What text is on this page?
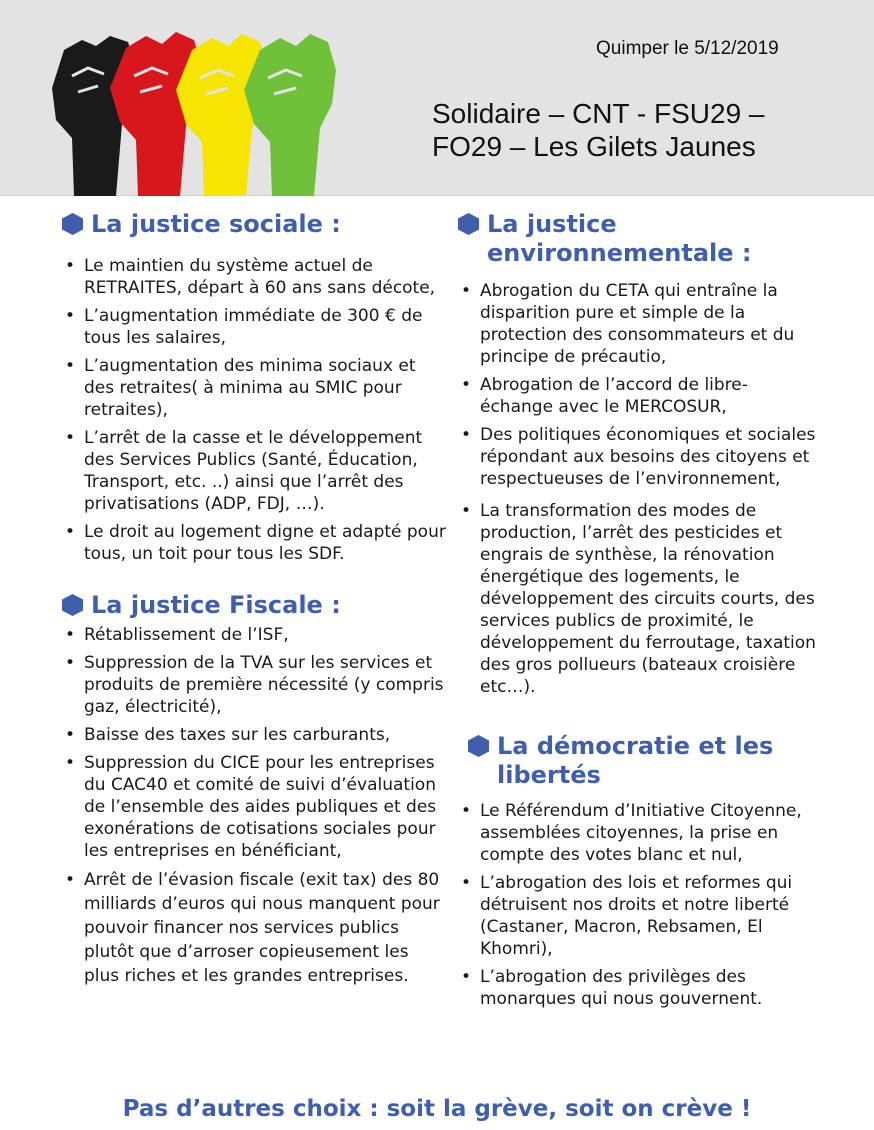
Quimper le 5/12/2019
Solidaire – CNT - FSU29 –
FO29 – Les Gilets Jaunes
La justice sociale :
• Le maintien du système actuel de RETRAITES, départ à 60 ans sans décote,
• L’augmentation immédiate de 300 € de tous les salaires,
• L’augmentation des minima sociaux et des retraites( à minima au SMIC pour retraites),
• L’arrêt de la casse et le développement des Services Publics (Santé, Éducation, Transport, etc. ..) ainsi que l’arrêt des privatisations (ADP, FDJ, …).
• Le droit au logement digne et adapté pour tous, un toit pour tous les SDF.
La justice Fiscale :
• Rétablissement de l’ISF,
• Suppression de la TVA sur les services et produits de première nécessité (y compris gaz, électricité),
• Baisse des taxes sur les carburants,
• Suppression du CICE pour les entreprises du CAC40 et comité de suivi d’évaluation de l’ensemble des aides publiques et des exonérations de cotisations sociales pour les entreprises en bénéficiant,
• Arrêt de l’évasion fiscale (exit tax) des 80 milliards d’euros qui nous manquent pour pouvoir financer nos services publics plutôt que d’arroser copieusement les plus riches et les grandes entreprises.
La justice
environnementale :
• Abrogation du CETA qui entraîne la disparition pure et simple de la protection des consommateurs et du principe de précautio,
• Abrogation de l’accord de libre-échange avec le MERCOSUR,
• Des politiques économiques et sociales répondant aux besoins des citoyens et respectueuses de l’environnement,
• La transformation des modes de production, l’arrêt des pesticides et engrais de synthèse, la rénovation énergétique des logements, le développement des circuits courts, des services publics de proximité, le développement du ferroutage, taxation des gros pollueurs (bateaux croisière etc…).
La démocratie et les
libertés
• Le Référendum d’Initiative Citoyenne, assemblées citoyennes, la prise en compte des votes blanc et nul,
• L’abrogation des lois et reformes qui détruisent nos droits et notre liberté (Castaner, Macron, Rebsamen, El Khomri),
• L’abrogation des privilèges des monarques qui nous gouvernent.
Pas d’autres choix : soit la grève, soit on crève !
